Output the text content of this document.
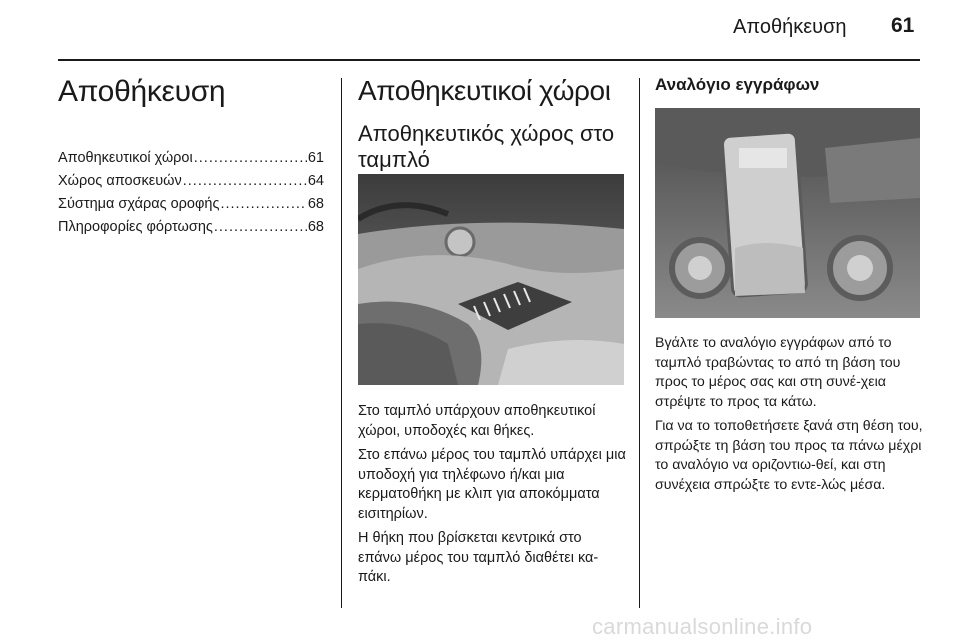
Αποθήκευση 61
Αποθήκευση
Αποθηκευτικοί χώροι .....	61
Χώρος αποσκευών .....	64
Σύστημα σχάρας οροφής .....	68
Πληροφορίες φόρτωσης .....	68
Αποθηκευτικοί χώροι
Αποθηκευτικός χώρος στο ταμπλό

Στο ταμπλό υπάρχουν αποθηκευτικοί χώροι, υποδοχές και θήκες.

Στο επάνω μέρος του ταμπλό υπάρχει μια υποδοχή για τηλέφωνο ή/και μια κερματοθήκη με κλιπ για αποκόμματα εισιτηρίων.

Η θήκη που βρίσκεται κεντρικά στο επάνω μέρος του ταμπλό διαθέτει κα-πάκι.

Αναλόγιο εγγράφων

Βγάλτε το αναλόγιο εγγράφων από το ταμπλό τραβώντας το από τη βάση του προς το μέρος σας και στη συνέ-χεια στρέψτε το προς τα κάτω.

Για να το τοποθετήσετε ξανά στη θέση του, σπρώξτε τη βάση του προς τα πάνω μέχρι το αναλόγιο να οριζοντιω-θεί, και στη συνέχεια σπρώξτε το εντε-λώς μέσα.

carmanualsonline.info
